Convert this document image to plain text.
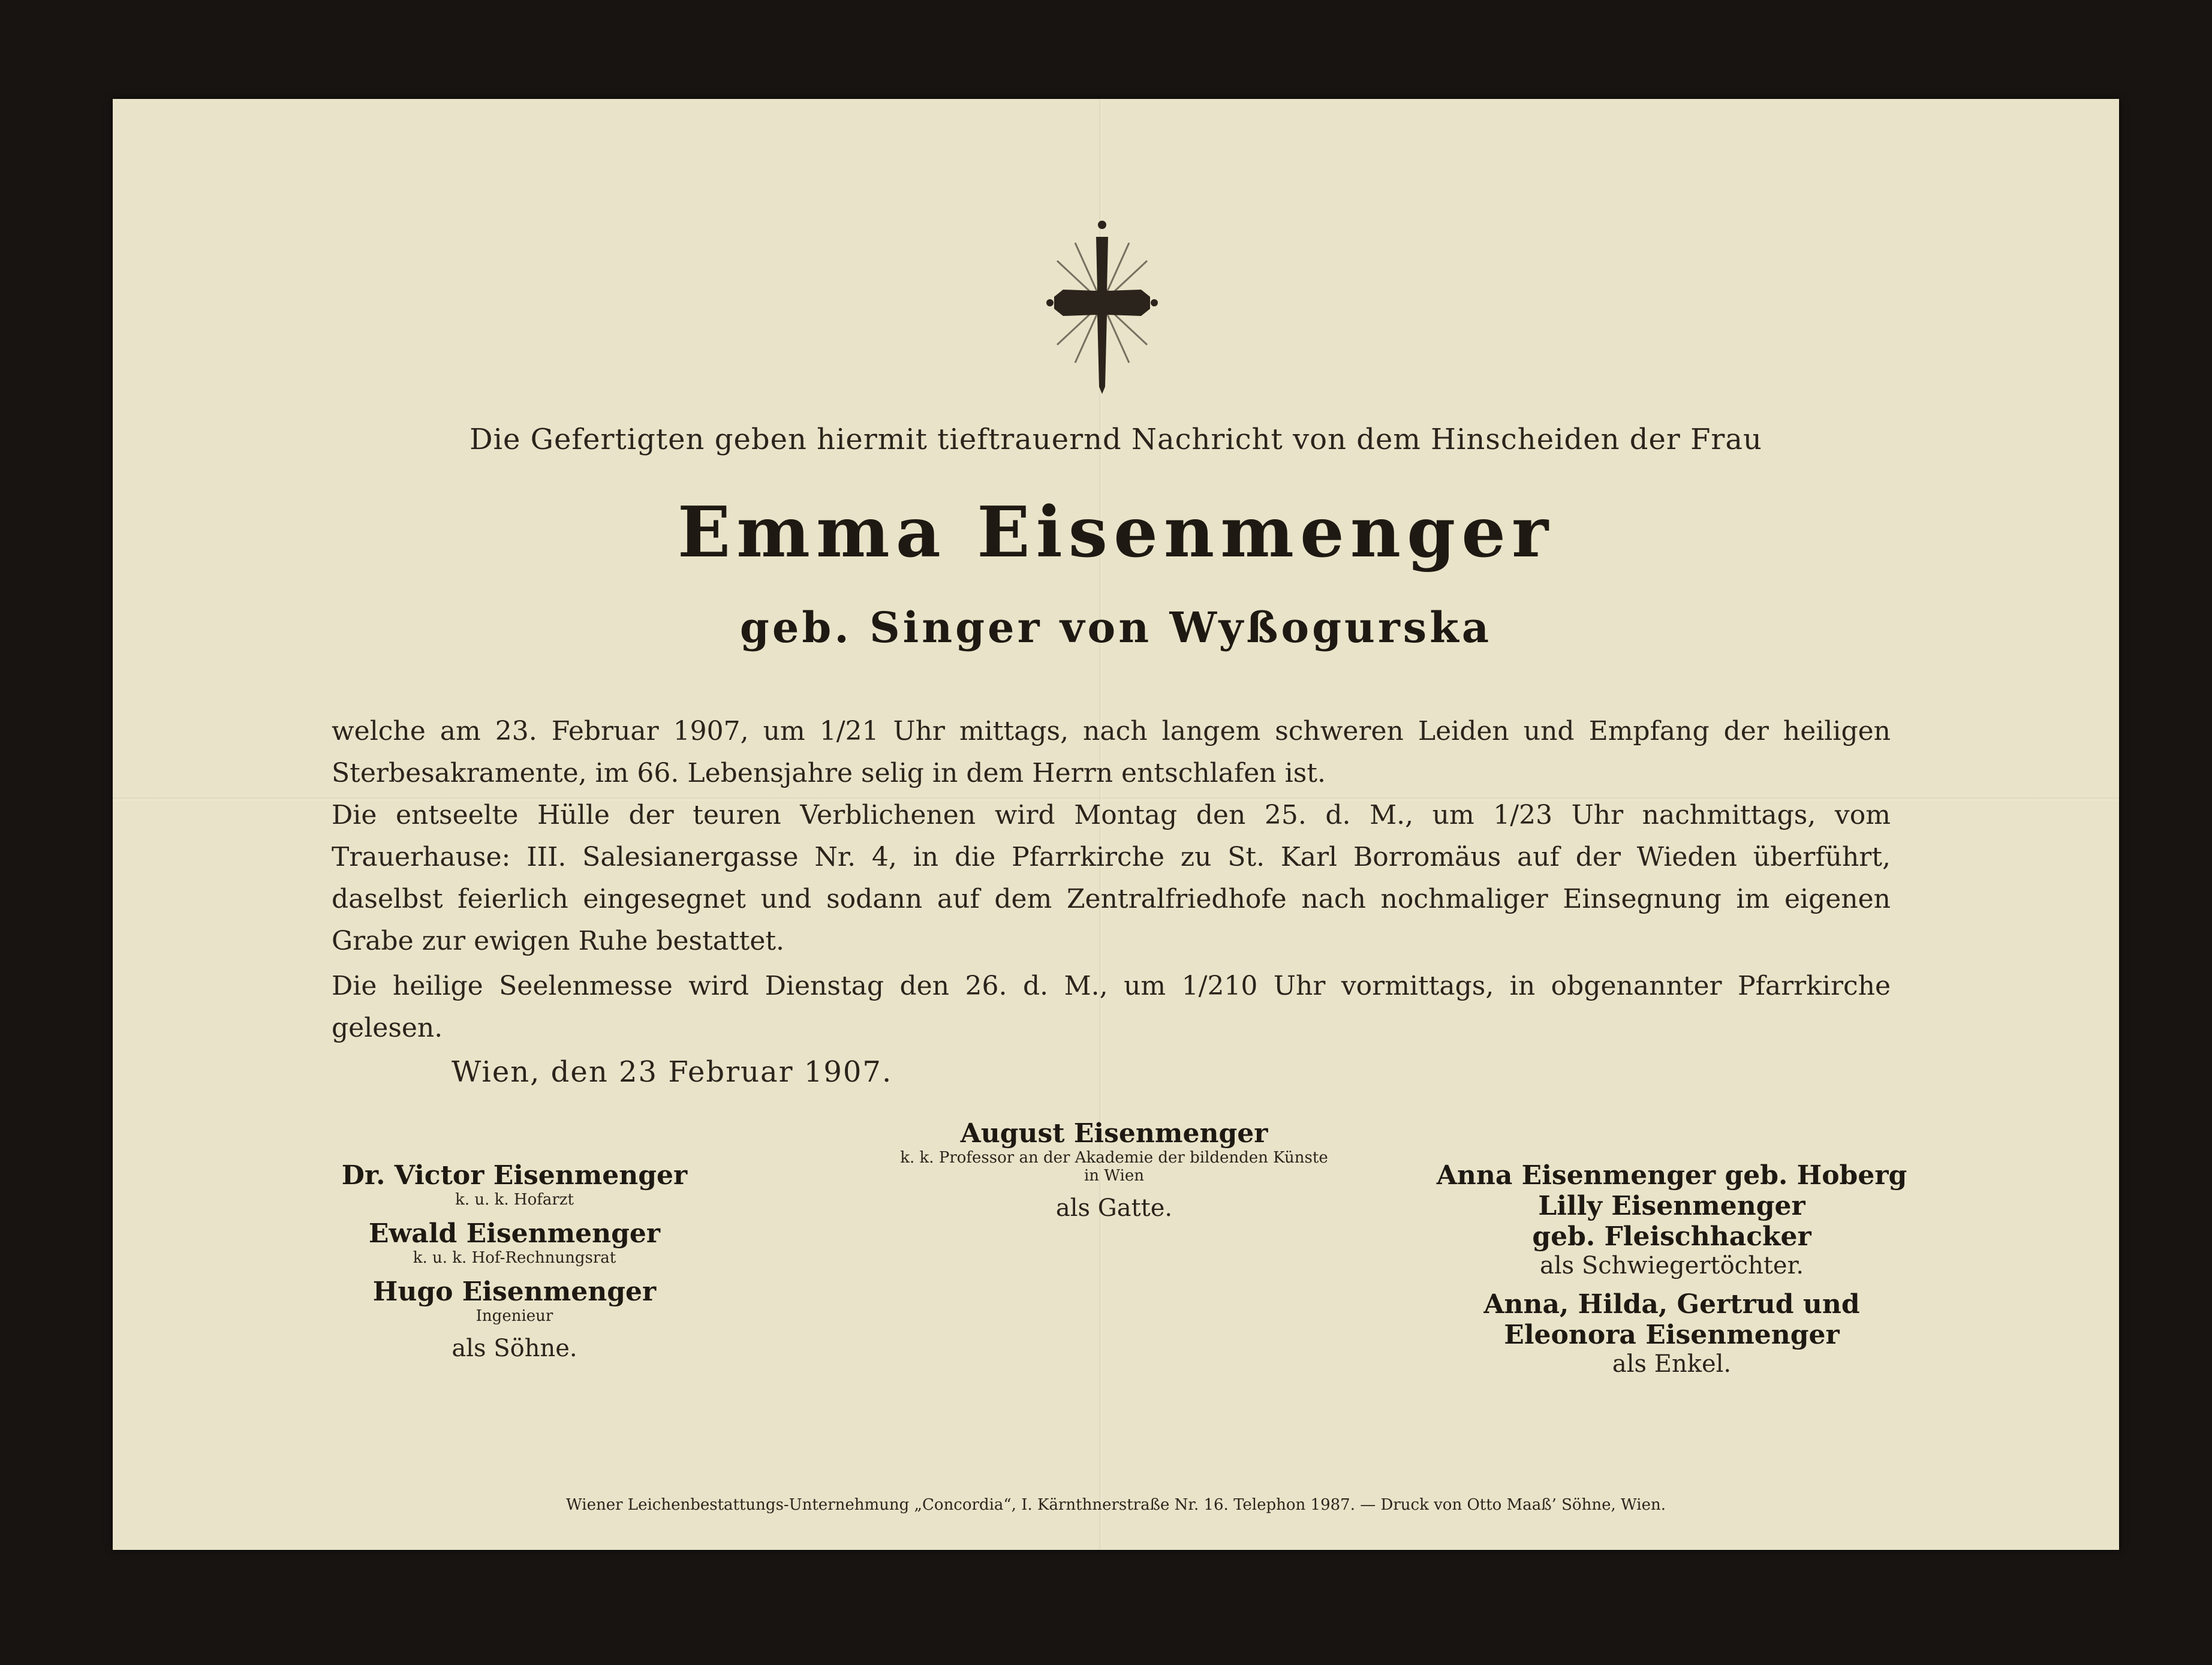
Die Gefertigten geben hiermit tieftrauernd Nachricht von dem Hinscheiden der Frau
Emma Eisenmenger
geb. Singer von Wyßogurska
welche am 23. Februar 1907, um 1/21 Uhr mittags, nach langem schweren Leiden und Empfang der heiligen Sterbesakramente, im 66. Lebensjahre selig in dem Herrn entschlafen ist.
Die entseelte Hülle der teuren Verblichenen wird Montag den 25. d. M., um 1/23 Uhr nachmittags, vom Trauerhause: III. Salesianergasse Nr. 4, in die Pfarrkirche zu St. Karl Borromäus auf der Wieden überführt, daselbst feierlich eingesegnet und sodann auf dem Zentralfriedhofe nach nochmaliger Einsegnung im eigenen Grabe zur ewigen Ruhe bestattet.
Die heilige Seelenmesse wird Dienstag den 26. d. M., um 1/210 Uhr vormittags, in obgenannter Pfarrkirche gelesen.
Wien, den 23 Februar 1907.
Dr. Victor Eisenmenger
k. u. k. Hofarzt
Ewald Eisenmenger
k. u. k. Hof-Rechnungsrat
Hugo Eisenmenger
Ingenieur
als Söhne.
August Eisenmenger
k. k. Professor an der Akademie der bildenden Künste
in Wien
als Gatte.
Anna Eisenmenger geb. Hoberg
Lilly Eisenmenger
geb. Fleischhacker
als Schwiegertöchter.
Anna, Hilda, Gertrud und
Eleonora Eisenmenger
als Enkel.
Wiener Leichenbestattungs-Unternehmung „Concordia“, I. Kärnthnerstraße Nr. 16. Telephon 1987. — Druck von Otto Maaß’ Söhne, Wien.
